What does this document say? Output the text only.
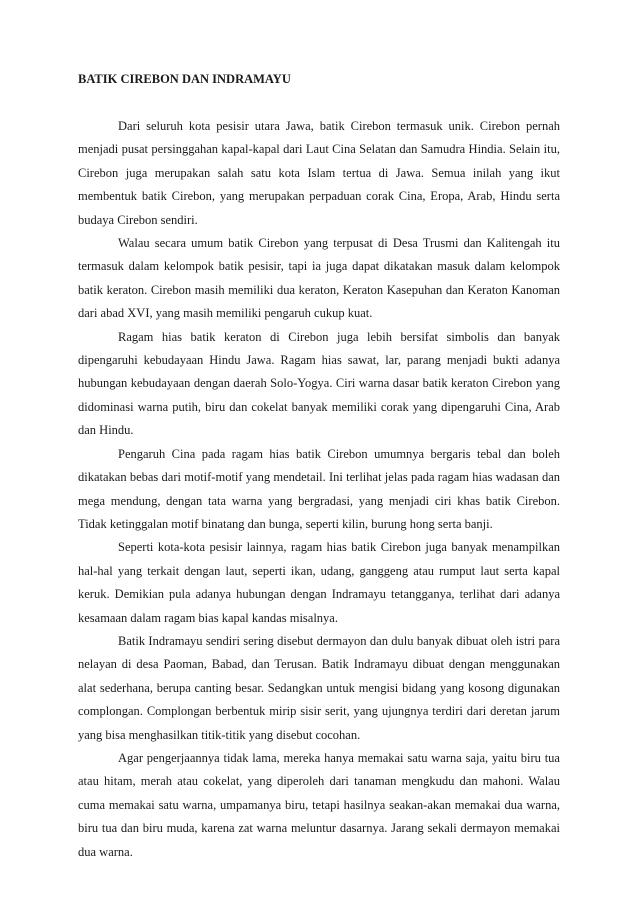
BATIK CIREBON DAN INDRAMAYU

Dari seluruh kota pesisir utara Jawa, batik Cirebon termasuk unik. Cirebon pernah menjadi pusat persinggahan kapal-kapal dari Laut Cina Selatan dan Samudra Hindia. Selain itu, Cirebon juga merupakan salah satu kota Islam tertua di Jawa. Semua inilah yang ikut membentuk batik Cirebon, yang merupakan perpaduan corak Cina, Eropa, Arab, Hindu serta budaya Cirebon sendiri.

Walau secara umum batik Cirebon yang terpusat di Desa Trusmi dan Kalitengah itu termasuk dalam kelompok batik pesisir, tapi ia juga dapat dikatakan masuk dalam kelompok batik keraton. Cirebon masih memiliki dua keraton, Keraton Kasepuhan dan Keraton Kanoman dari abad XVI, yang masih memiliki pengaruh cukup kuat.

Ragam hias batik keraton di Cirebon juga lebih bersifat simbolis dan banyak dipengaruhi kebudayaan Hindu Jawa. Ragam hias sawat, lar, parang menjadi bukti adanya hubungan kebudayaan dengan daerah Solo-Yogya. Ciri warna dasar batik keraton Cirebon yang didominasi warna putih, biru dan cokelat banyak memiliki corak yang dipengaruhi Cina, Arab dan Hindu.

Pengaruh Cina pada ragam hias batik Cirebon umumnya bergaris tebal dan boleh dikatakan bebas dari motif-motif yang mendetail. Ini terlihat jelas pada ragam hias wadasan dan mega mendung, dengan tata warna yang bergradasi, yang menjadi ciri khas batik Cirebon. Tidak ketinggalan motif binatang dan bunga, seperti kilin, burung hong serta banji.

Seperti kota-kota pesisir lainnya, ragam hias batik Cirebon juga banyak menampilkan hal-hal yang terkait dengan laut, seperti ikan, udang, ganggeng atau rumput laut serta kapal keruk. Demikian pula adanya hubungan dengan Indramayu tetangganya, terlihat dari adanya kesamaan dalam ragam bias kapal kandas misalnya.

Batik Indramayu sendiri sering disebut dermayon dan dulu banyak dibuat oleh istri para nelayan di desa Paoman, Babad, dan Terusan. Batik Indramayu dibuat dengan menggunakan alat sederhana, berupa canting besar. Sedangkan untuk mengisi bidang yang kosong digunakan complongan. Complongan berbentuk mirip sisir serit, yang ujungnya terdiri dari deretan jarum yang bisa menghasilkan titik-titik yang disebut cocohan.

Agar pengerjaannya tidak lama, mereka hanya memakai satu warna saja, yaitu biru tua atau hitam, merah atau cokelat, yang diperoleh dari tanaman mengkudu dan mahoni. Walau cuma memakai satu warna, umpamanya biru, tetapi hasilnya seakan-akan memakai dua warna, biru tua dan biru muda, karena zat warna meluntur dasarnya. Jarang sekali dermayon memakai dua warna.
